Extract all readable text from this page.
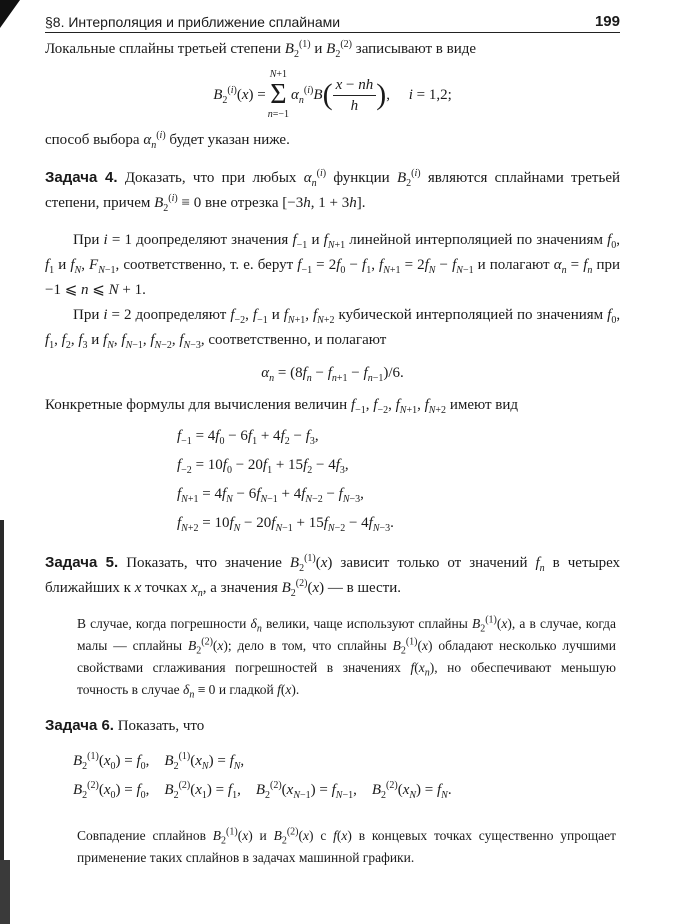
§8. Интерполяция и приближение сплайнами	199

Локальные сплайны третьей степени $B_2^{(1)}$ и $B_2^{(2)}$ записывают в виде

$B_2^{(i)}(x)$ =
N+1
Σ
n=−1
$\alpha_n^{(i)}B$ ( $\frac{x - nh}{h}$ ) ,     i = 1,2;

способ выбора $\alpha_n^{(i)}$ будет указан ниже.

Задача 4. Доказать, что при любых $\alpha_n^{(i)}$ функции $B_2^{(i)}$ являются сплайнами третьей степени, причем $B_2^{(i)} \equiv 0$ вне отрезка [−3h, 1 + 3h].

При i = 1 доопределяют значения $f_{-1}$ и $f_{N+1}$ линейной интерполяцией по значениям $f_0$, $f_1$ и $f_N$, $F_{N-1}$, соответственно, т. е. берут $f_{-1} = 2f_0 - f_1$, $f_{N+1} = 2f_N - f_{N-1}$ и полагают $\alpha_n = f_n$ при −1 ⩽ n ⩽ N + 1.

При i = 2 доопределяют $f_{-2}$, $f_{-1}$ и $f_{N+1}$, $f_{N+2}$ кубической интерполяцией по значениям $f_0$, $f_1$, $f_2$, $f_3$ и $f_N$, $f_{N-1}$, $f_{N-2}$, $f_{N-3}$, соответственно, и полагают

$\alpha_n = (8f_n - f_{n+1} - f_{n-1})/6$.

Конкретные формулы для вычисления величин $f_{-1}$, $f_{-2}$, $f_{N+1}$, $f_{N+2}$ имеют вид

$f_{-1} = 4f_0 - 6f_1 + 4f_2 - f_3$,
$f_{-2} = 10f_0 - 20f_1 + 15f_2 - 4f_3$,
$f_{N+1} = 4f_N - 6f_{N-1} + 4f_{N-2} - f_{N-3}$,
$f_{N+2} = 10f_N - 20f_{N-1} + 15f_{N-2} - 4f_{N-3}$.

Задача 5. Показать, что значение $B_2^{(1)}(x)$ зависит только от значений $f_n$ в четырех ближайших к x точках $x_n$, а значения $B_2^{(2)}(x)$ — в шести.

В случае, когда погрешности $\delta_n$ велики, чаще используют сплайны $B_2^{(1)}(x)$, а в случае, когда малы — сплайны $B_2^{(2)}(x)$; дело в том, что сплайны $B_2^{(1)}(x)$ обладают несколько лучшими свойствами сглаживания погрешностей в значениях $f(x_n)$, но обеспечивают меньшую точность в случае $\delta_n \equiv 0$ и гладкой f(x).

Задача 6. Показать, что

$B_2^{(1)}(x_0) = f_0$,    $B_2^{(1)}(x_N) = f_N$,
$B_2^{(2)}(x_0) = f_0$,    $B_2^{(2)}(x_1) = f_1$,    $B_2^{(2)}(x_{N-1}) = f_{N-1}$,    $B_2^{(2)}(x_N) = f_N$.

Совпадение сплайнов $B_2^{(1)}(x)$ и $B_2^{(2)}(x)$ с f(x) в концевых точках существенно упрощает применение таких сплайнов в задачах машинной графики.
